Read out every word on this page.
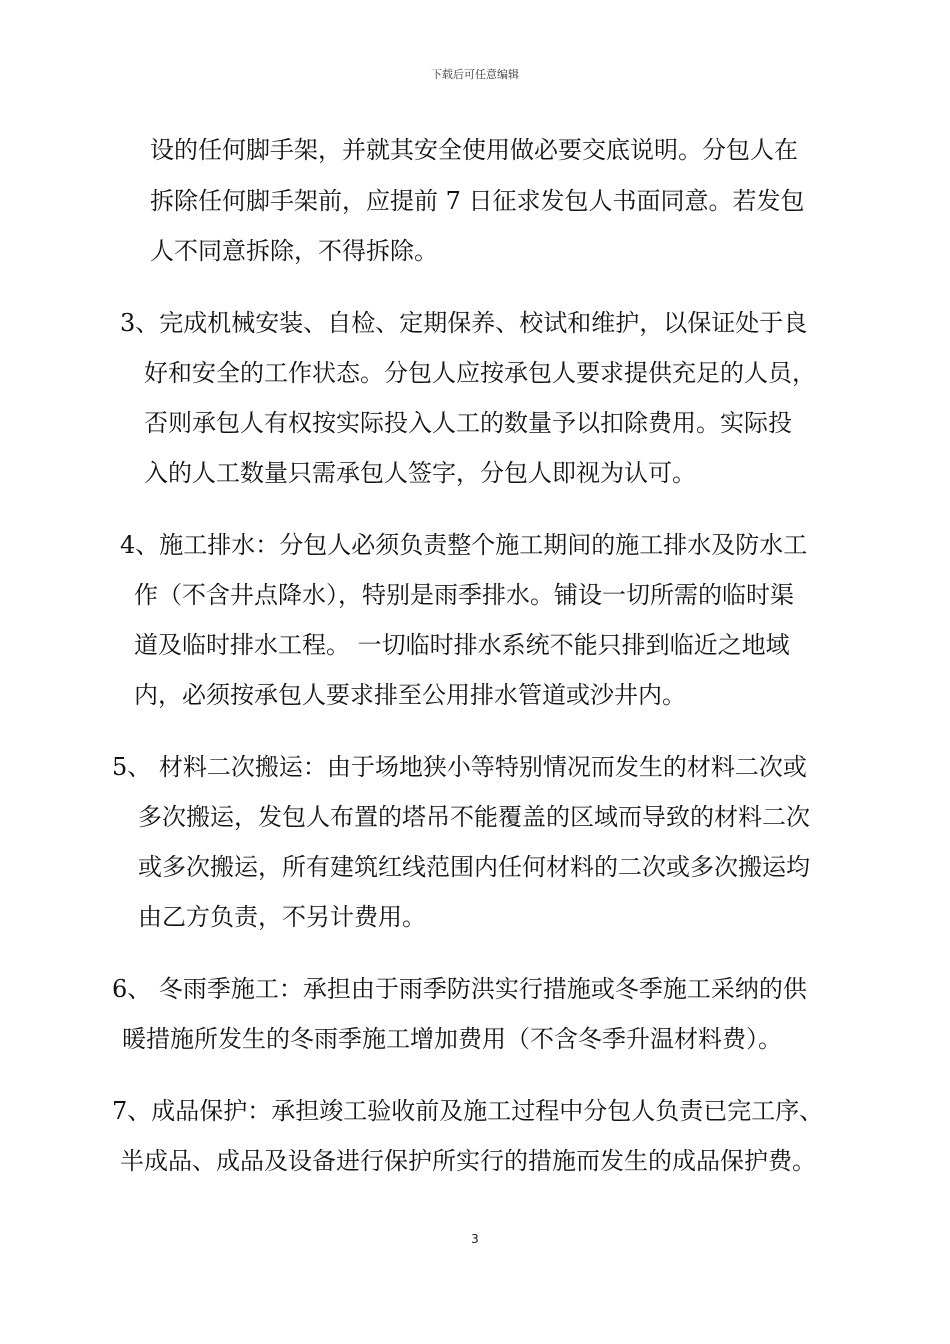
下载后可任意编辑
设的任何脚手架，并就其安全使用做必要交底说明。分包人在
拆除任何脚手架前，应提前 7 日征求发包人书面同意。若发包
人不同意拆除，不得拆除。
3、完成机械安装、自检、定期保养、校试和维护，以保证处于良
好和安全的工作状态。分包人应按承包人要求提供充足的人员，
否则承包人有权按实际投入人工的数量予以扣除费用。实际投
入的人工数量只需承包人签字，分包人即视为认可。
4、施工排水：分包人必须负责整个施工期间的施工排水及防水工
作（不含井点降水），特别是雨季排水。铺设一切所需的临时渠
道及临时排水工程。 一切临时排水系统不能只排到临近之地域
内，必须按承包人要求排至公用排水管道或沙井内。
5、 材料二次搬运：由于场地狭小等特别情况而发生的材料二次或
多次搬运，发包人布置的塔吊不能覆盖的区域而导致的材料二次
或多次搬运，所有建筑红线范围内任何材料的二次或多次搬运均
由乙方负责，不另计费用。
6、 冬雨季施工：承担由于雨季防洪实行措施或冬季施工采纳的供
暖措施所发生的冬雨季施工增加费用（不含冬季升温材料费）。
7、成品保护：承担竣工验收前及施工过程中分包人负责已完工序、
半成品、成品及设备进行保护所实行的措施而发生的成品保护费。
3
